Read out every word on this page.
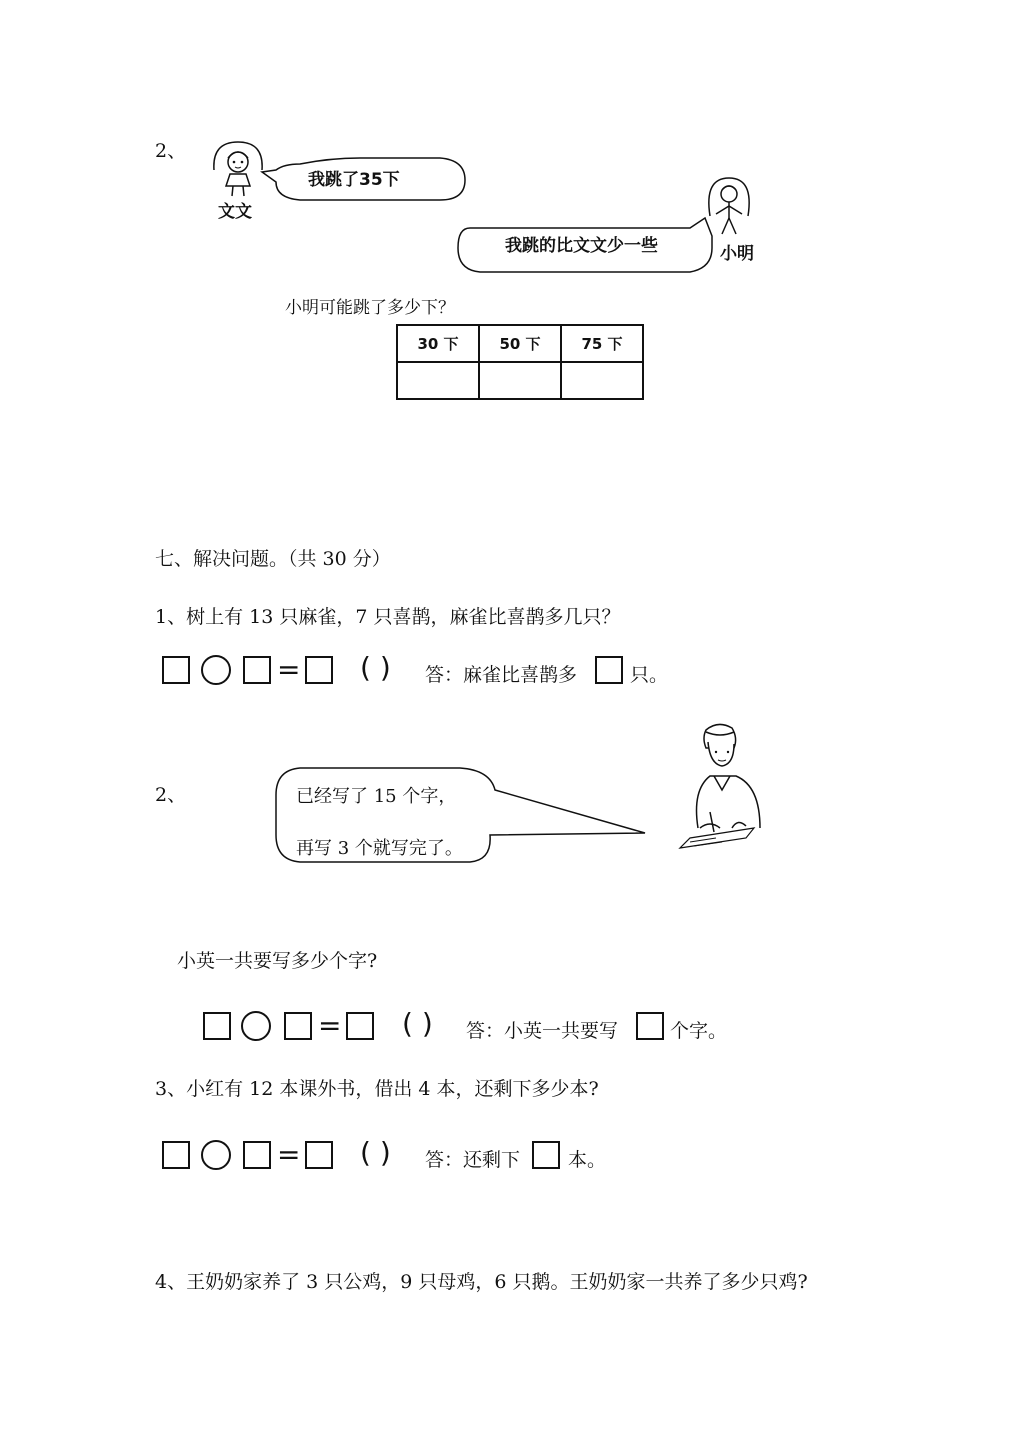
2、
文文
我跳了35下
小明
我跳的比文文少一些
小明可能跳了多少下？
30 下	50 下	75 下

七、解决问题。（共 30 分）
1、树上有 13 只麻雀，7 只喜鹊，麻雀比喜鹊多几只？
= ( ) 答：麻雀比喜鹊多	只。
2、	已经写了 15 个字，
再写 3 个就写完了。
小英一共要写多少个字?
= ( ) 答：小英一共要写	个字。
3、小红有 12 本课外书，借出 4 本，还剩下多少本?
= ( ) 答：还剩下	本。
4、王奶奶家养了 3 只公鸡，9 只母鸡，6 只鹅。王奶奶家一共养了多少只鸡?
